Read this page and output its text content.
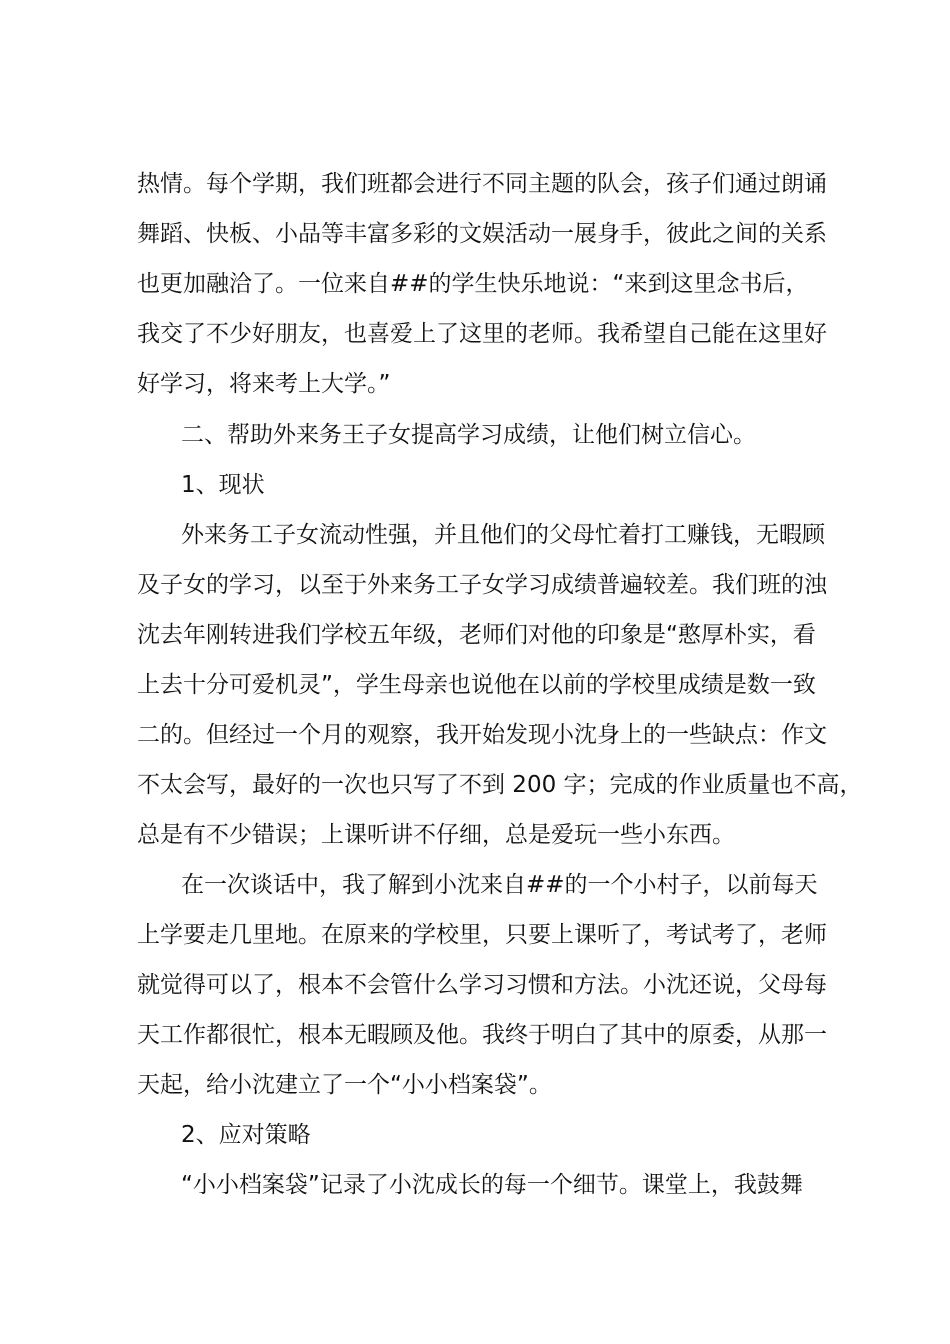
热情。每个学期，我们班都会进行不同主题的队会，孩子们通过朗诵
舞蹈、快板、小品等丰富多彩的文娱活动一展身手，彼此之间的关系
也更加融洽了。一位来自##的学生快乐地说：“来到这里念书后，
我交了不少好朋友，也喜爱上了这里的老师。我希望自己能在这里好
好学习，将来考上大学。”
二、帮助外来务王子女提高学习成绩，让他们树立信心。
1、现状
外来务工子女流动性强，并且他们的父母忙着打工赚钱，无暇顾
及子女的学习，以至于外来务工子女学习成绩普遍较差。我们班的浊
沈去年刚转进我们学校五年级，老师们对他的印象是“憨厚朴实，看
上去十分可爱机灵”，学生母亲也说他在以前的学校里成绩是数一致
二的。但经过一个月的观察，我开始发现小沈身上的一些缺点：作文
不太会写，最好的一次也只写了不到 200 字；完成的作业质量也不高，
总是有不少错误；上课听讲不仔细，总是爱玩一些小东西。
在一次谈话中，我了解到小沈来自##的一个小村子，以前每天
上学要走几里地。在原来的学校里，只要上课听了，考试考了，老师
就觉得可以了，根本不会管什么学习习惯和方法。小沈还说，父母每
天工作都很忙，根本无暇顾及他。我终于明白了其中的原委，从那一
天起，给小沈建立了一个“小小档案袋”。
2、应对策略
“小小档案袋”记录了小沈成长的每一个细节。课堂上，我鼓舞
